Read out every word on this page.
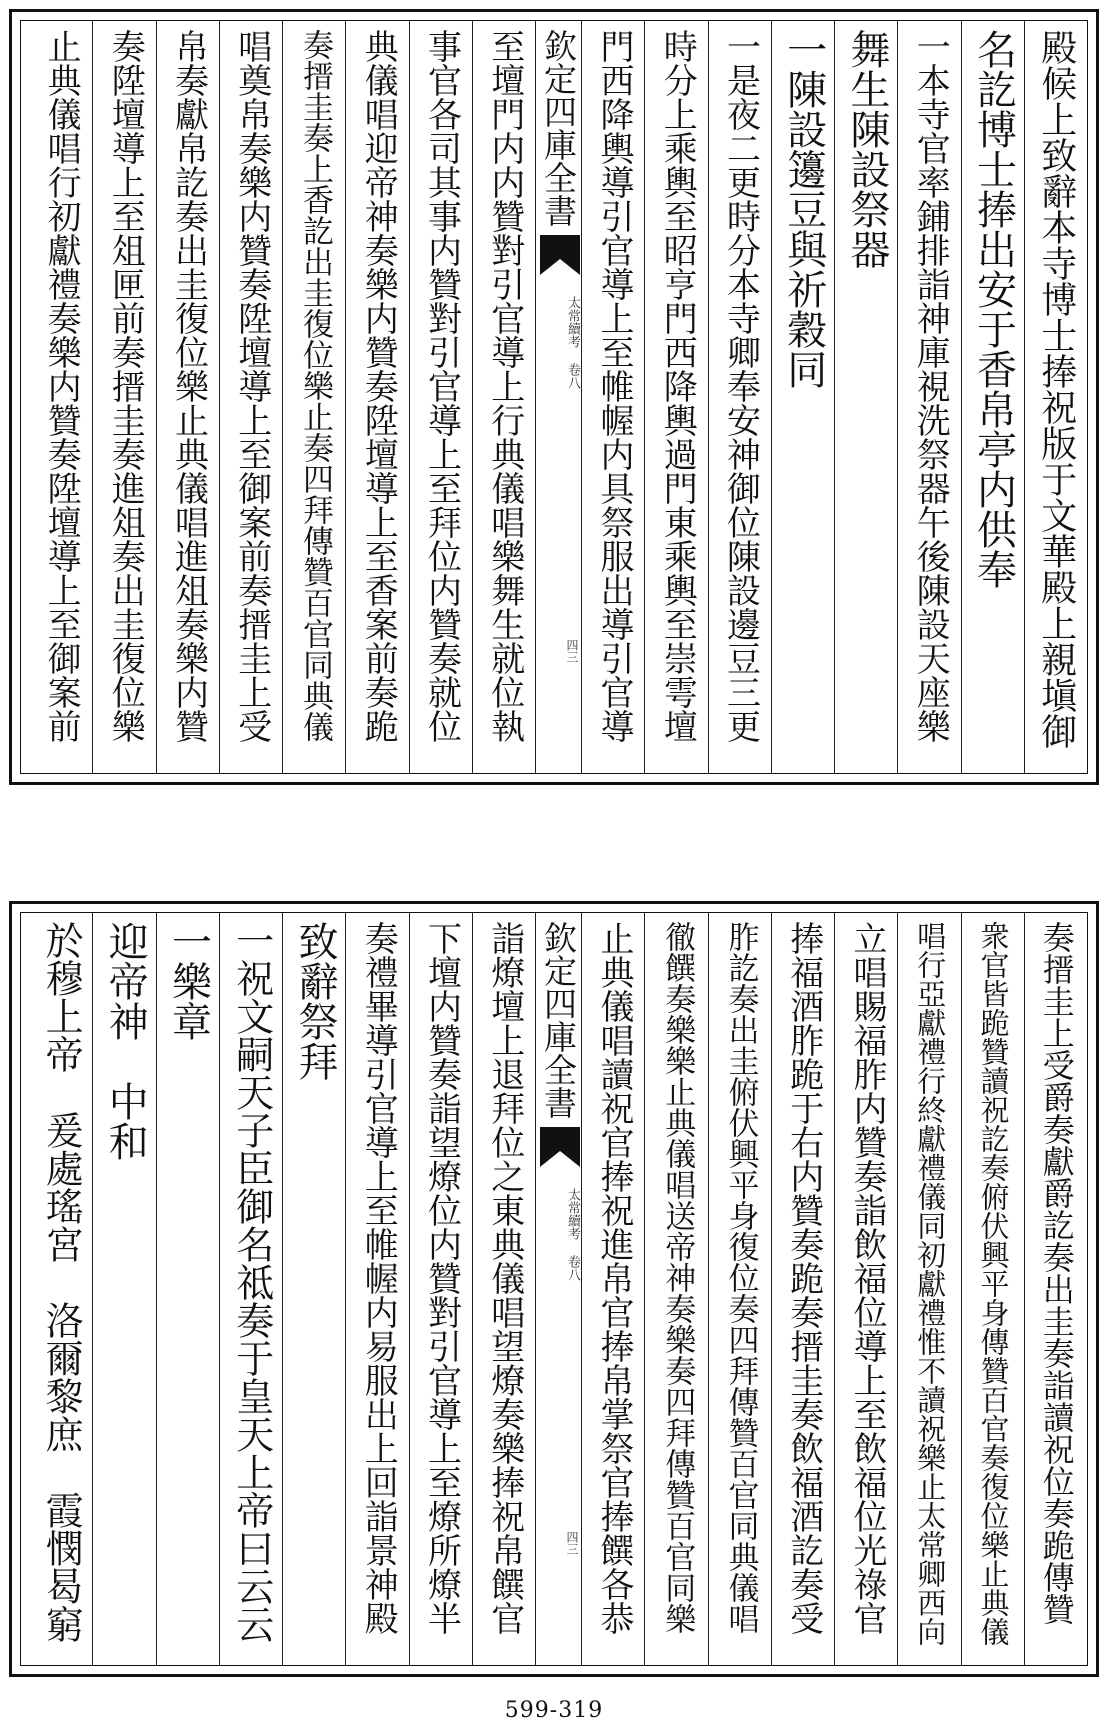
殿候上致辭本寺博士捧祝版于文華殿上親塡御
名訖博士捧出安于香帛亭内供奉
一本寺官率鋪排詣神庫視洗祭器午後陳設天座樂
舞生陳設祭器
一陳設籩豆與祈穀同
一是夜二更時分本寺卿奉安神御位陳設邊豆三更
時分上乘輿至昭亨門西降輿過門東乘輿至崇雩壇
門西降輿導引官導上至帷幄内具祭服出導引官導
欽定四庫全書
太常續考 卷八
四三
至壇門内内贊對引官導上行典儀唱樂舞生就位執
事官各司其事内贊對引官導上至拜位内贊奏就位
典儀唱迎帝神奏樂内贊奏陞壇導上至香案前奏跪
奏搢圭奏上香訖出圭復位樂止奏四拜傳贊百官同典儀
唱奠帛奏樂内贊奏陞壇導上至御案前奏搢圭上受
帛奏獻帛訖奏出圭復位樂止典儀唱進俎奏樂内贊
奏陞壇導上至俎匣前奏搢圭奏進俎奏出圭復位樂
止典儀唱行初獻禮奏樂内贊奏陞壇導上至御案前
奏搢圭上受爵奏獻爵訖奏出圭奏詣讀祝位奏跪傳贊
衆官皆跪贊讀祝訖奏俯伏興平身傳贊百官奏復位樂止典儀
唱行亞獻禮行終獻禮儀同初獻禮惟不讀祝樂止太常卿西向
立唱賜福胙内贊奏詣飲福位導上至飲福位光祿官
捧福酒胙跪于右内贊奏跪奏搢圭奏飲福酒訖奏受
胙訖奏出圭俯伏興平身復位奏四拜傳贊百官同典儀唱
徹饌奏樂樂止典儀唱送帝神奏樂奏四拜傳贊百官同樂
止典儀唱讀祝官捧祝進帛官捧帛掌祭官捧饌各恭
欽定四庫全書
太常續考 卷八
四三
詣燎壇上退拜位之東典儀唱望燎奏樂捧祝帛饌官
下壇内贊奏詣望燎位内贊對引官導上至燎所燎半
奏禮畢導引官導上至帷幄内易服出上回詣景神殿
致辭祭拜
一祝文嗣天子臣御名祗奏于皇天上帝曰云云
一樂章
迎帝神　中和
於穆上帝　爰處瑤宮　洛爾黎庶　霞憫曷窮
599-319
